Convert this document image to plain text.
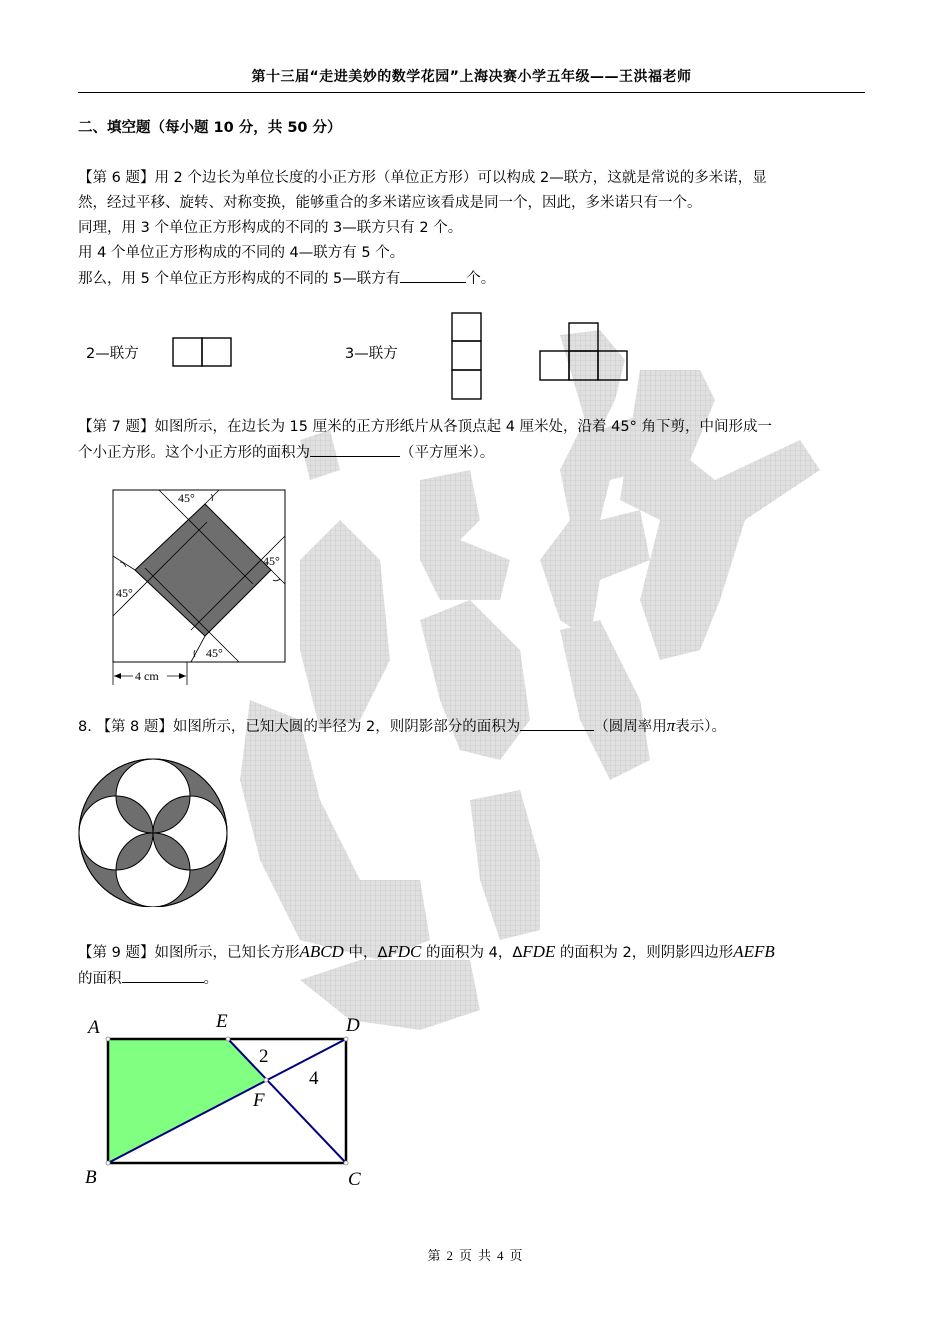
第十三届“走进美妙的数学花园”上海决赛小学五年级——王洪福老师
二、填空题（每小题 10 分，共 50 分）
【第 6 题】用 2 个边长为单位长度的小正方形（单位正方形）可以构成 2—联方，这就是常说的多米诺，显
然，经过平移、旋转、对称变换，能够重合的多米诺应该看成是同一个，因此，多米诺只有一个。
同理，用 3 个单位正方形构成的不同的 3—联方只有 2 个。
用 4 个单位正方形构成的不同的 4—联方有 5 个。
那么，用 5 个单位正方形构成的不同的 5—联方有	个。
2—联方	3—联方
【第 7 题】如图所示，在边长为 15 厘米的正方形纸片从各顶点起 4 厘米处，沿着 45° 角下剪，中间形成一
个小正方形。这个小正方形的面积为	（平方厘米）。
45°
45°
45°
45°
4 cm
8. 【第 8 题】如图所示，已知大圆的半径为 2，则阴影部分的面积为	（圆周率用π表示）。
【第 9 题】如图所示，已知长方形ABCD 中，ΔFDC 的面积为 4，ΔFDE 的面积为 2，则阴影四边形AEFB
的面积	。
A	E	D
B	C
F
2
4
第 2 页 共 4 页
